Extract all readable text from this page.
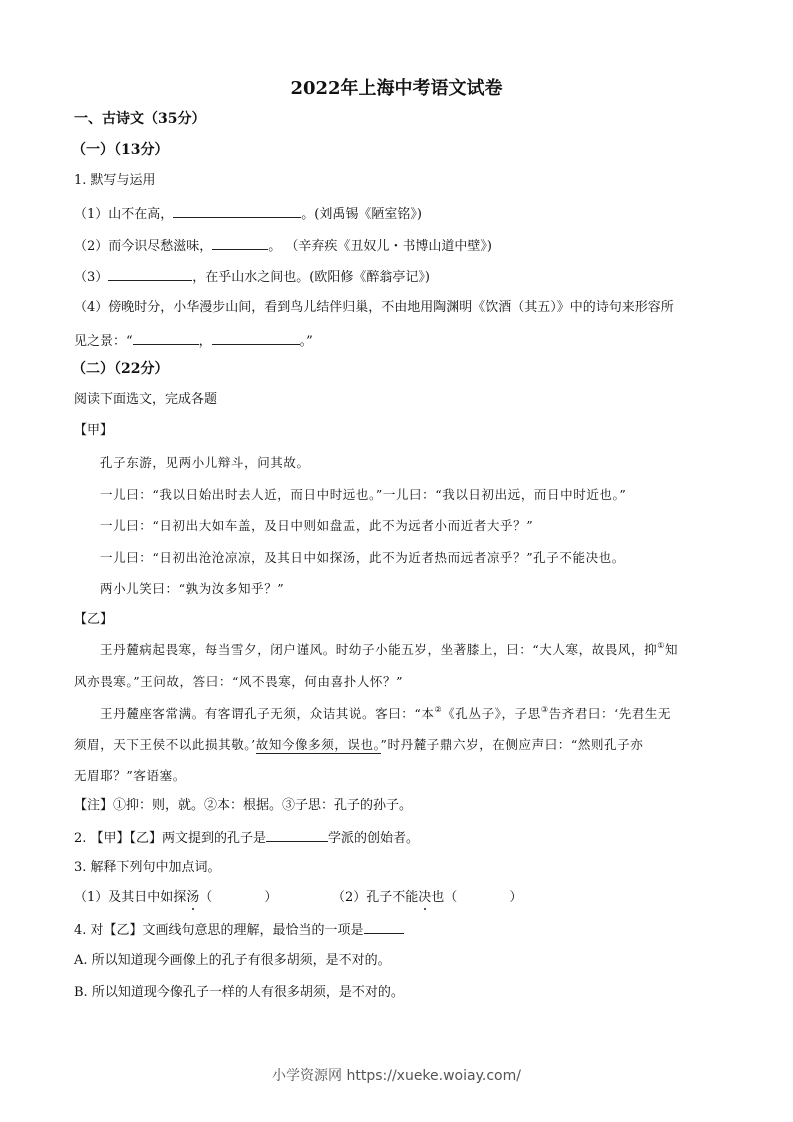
2022年上海中考语文试卷
一、古诗文（35分）
（一）（13分）
1. 默写与运用
（1）山不在高，	。(刘禹锡《陋室铭》)
（2）而今识尽愁滋味，	。 （辛弃疾《丑奴儿・书博山道中壁》)
（3）	，在乎山水之间也。(欧阳修《醉翁亭记》)
（4）傍晚时分，小华漫步山间，看到鸟儿结伴归巢，不由地用陶渊明《饮酒（其五）》中的诗句来形容所
见之景：“	，	。”
（二）（22分）
阅读下面选文，完成各题
【甲】
孔子东游，见两小儿辩斗，问其故。
一儿曰：“我以日始出时去人近，而日中时远也。”一儿曰：“我以日初出远，而日中时近也。”
一儿曰：“日初出大如车盖，及日中则如盘盂，此不为远者小而近者大乎？”
一儿曰：“日初出沧沧凉凉，及其日中如探汤，此不为近者热而远者凉乎？”孔子不能决也。
两小儿笑曰：“孰为汝多知乎？”
【乙】
王丹麓病起畏寒，每当雪夕，闭户谨风。时幼子小能五岁，坐著膝上，曰：“大人寒，故畏风，抑①知
风亦畏寒。”王问故，答曰：“风不畏寒，何由喜扑人怀？”
王丹麓座客常满。有客谓孔子无须，众诘其说。客曰：“本②《孔丛子》，子思③告齐君曰：‘先君生无
须眉，天下王侯不以此损其敬。’故知今像多须，误也。”时丹麓子鼎六岁，在侧应声曰：“然则孔子亦
无眉耶？”客语塞。
【注】①抑：则，就。②本：根据。③子思：孔子的孙子。
2. 【甲】【乙】两文提到的孔子是	学派的创始者。
3. 解释下列句中加点词。
（1）及其日中如探汤（	）	（2）孔子不能决也（	）
4. 对【乙】文画线句意思的理解，最恰当的一项是
A. 所以知道现今画像上的孔子有很多胡须，是不对的。
B. 所以知道现今像孔子一样的人有很多胡须，是不对的。
小学资源网 https://xueke.woiay.com/
